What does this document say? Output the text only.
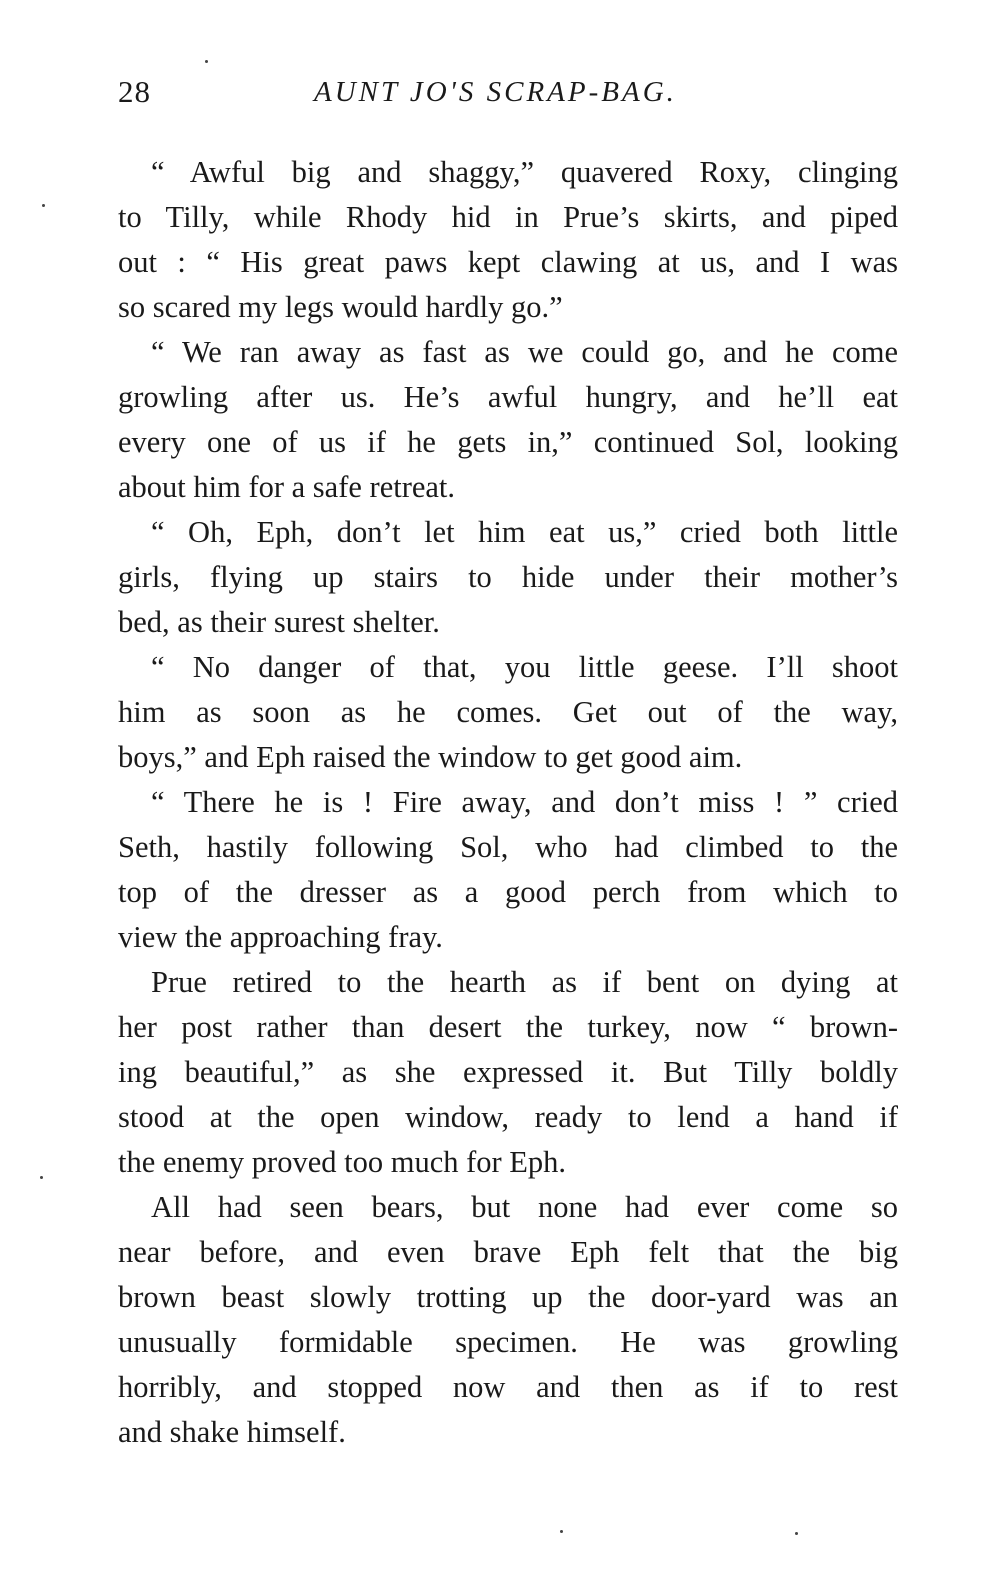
28	AUNT JO'S SCRAP-BAG.
“ Awful big and shaggy,” quavered Roxy, clinging
to Tilly, while Rhody hid in Prue’s skirts, and piped
out : “ His great paws kept clawing at us, and I was
so scared my legs would hardly go.”
“ We ran away as fast as we could go, and he come
growling after us. He’s awful hungry, and he’ll eat
every one of us if he gets in,” continued Sol, looking
about him for a safe retreat.
“ Oh, Eph, don’t let him eat us,” cried both little
girls, flying up stairs to hide under their mother’s
bed, as their surest shelter.
“ No danger of that, you little geese. I’ll shoot
him as soon as he comes. Get out of the way,
boys,” and Eph raised the window to get good aim.
“ There he is ! Fire away, and don’t miss ! ” cried
Seth, hastily following Sol, who had climbed to the
top of the dresser as a good perch from which to
view the approaching fray.
Prue retired to the hearth as if bent on dying at
her post rather than desert the turkey, now “ brown-
ing beautiful,” as she expressed it. But Tilly boldly
stood at the open window, ready to lend a hand if
the enemy proved too much for Eph.
All had seen bears, but none had ever come so
near before, and even brave Eph felt that the big
brown beast slowly trotting up the door-yard was an
unusually formidable specimen. He was growling
horribly, and stopped now and then as if to rest
and shake himself.
